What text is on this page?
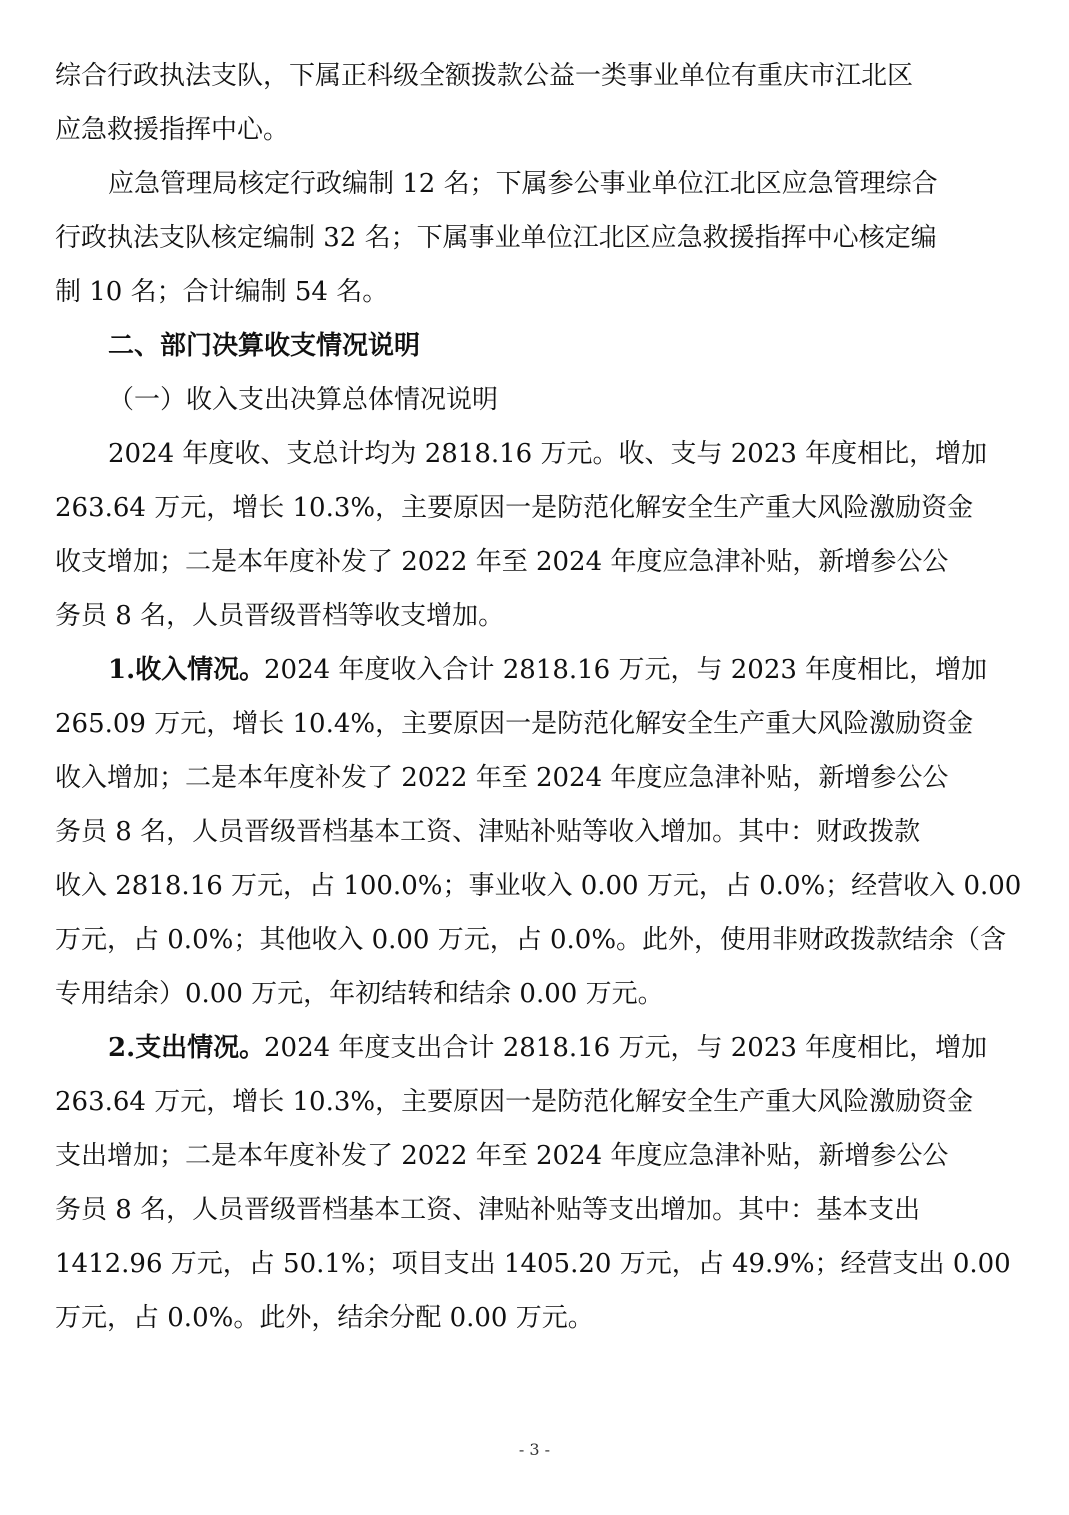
综合行政执法支队，下属正科级全额拨款公益一类事业单位有重庆市江北区
应急救援指挥中心。
应急管理局核定行政编制 12 名；下属参公事业单位江北区应急管理综合
行政执法支队核定编制 32 名；下属事业单位江北区应急救援指挥中心核定编
制 10 名；合计编制 54 名。
二、部门决算收支情况说明
（一）收入支出决算总体情况说明
2024 年度收、支总计均为 2818.16 万元。收、支与 2023 年度相比，增加
263.64 万元，增长 10.3%，主要原因一是防范化解安全生产重大风险激励资金
收支增加；二是本年度补发了 2022 年至 2024 年度应急津补贴，新增参公公
务员 8 名，人员晋级晋档等收支增加。
1.收入情况。
2024 年度收入合计 2818.16 万元，与 2023 年度相比，增加
265.09 万元，增长 10.4%，主要原因一是防范化解安全生产重大风险激励资金
收入增加；二是本年度补发了 2022 年至 2024 年度应急津补贴，新增参公公
务员 8 名，人员晋级晋档基本工资、津贴补贴等收入增加。其中：财政拨款
收入 2818.16 万元，占 100.0%；事业收入 0.00 万元，占 0.0%；经营收入 0.00
万元，占 0.0%；其他收入 0.00 万元，占 0.0%。此外，使用非财政拨款结余（含
专用结余）0.00 万元，年初结转和结余 0.00 万元。
2.支出情况。
2024 年度支出合计 2818.16 万元，与 2023 年度相比，增加
263.64 万元，增长 10.3%，主要原因一是防范化解安全生产重大风险激励资金
支出增加；二是本年度补发了 2022 年至 2024 年度应急津补贴，新增参公公
务员 8 名，人员晋级晋档基本工资、津贴补贴等支出增加。其中：基本支出
1412.96 万元，占 50.1%；项目支出 1405.20 万元，占 49.9%；经营支出 0.00
万元，占 0.0%。此外，结余分配 0.00 万元。
- 3 -
